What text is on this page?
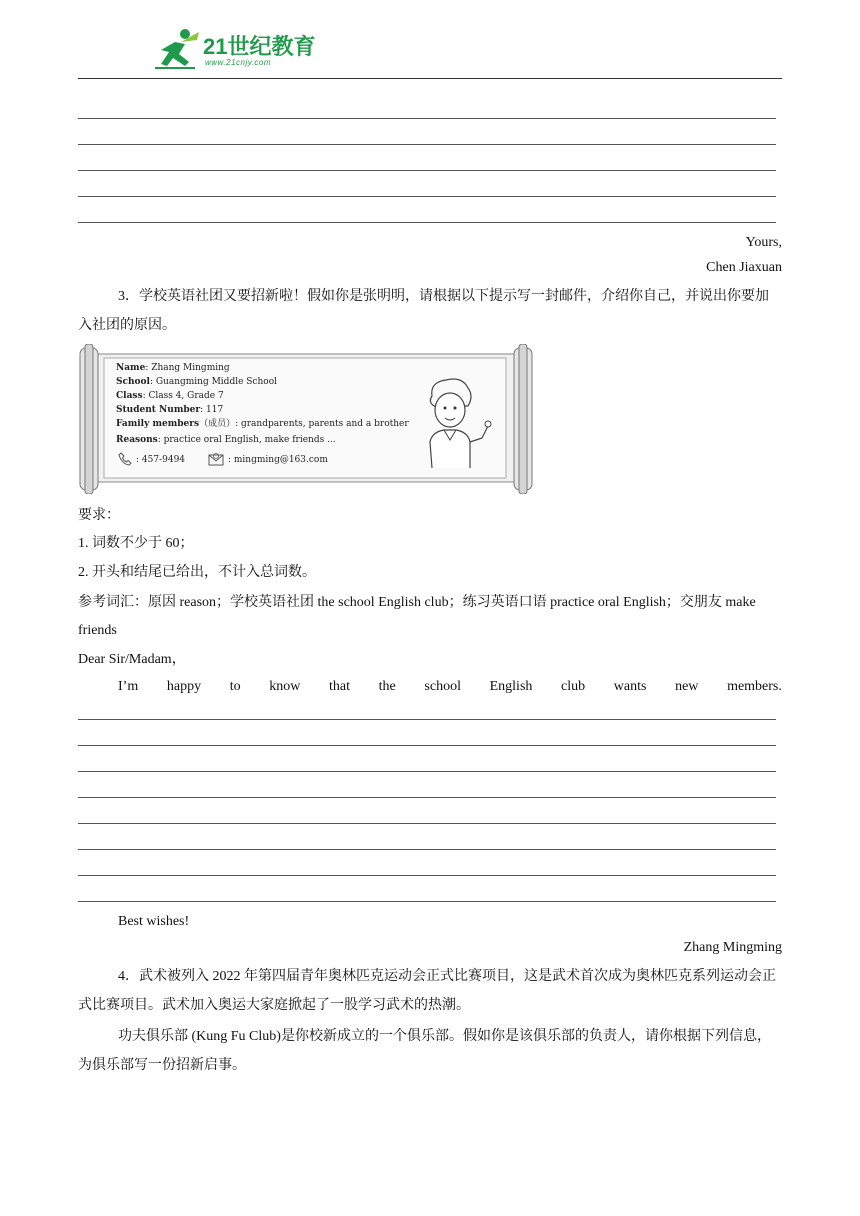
21世纪教育
www.21cnjy.com
Yours,
Chen Jiaxuan
3．学校英语社团又要招新啦！假如你是张明明，请根据以下提示写一封邮件，介绍你自己，并说出你要加入社团的原因。
Name: Zhang Mingming
School: Guangming Middle School
Class: Class 4, Grade 7
Student Number: 117
Family members（成员）: grandparents, parents and a brother
Reasons: practice oral English, make friends ...
: 457-9494	: mingming@163.com
要求：
1. 词数不少于 60；
2. 开头和结尾已给出，不计入总词数。
参考词汇：原因 reason；学校英语社团 the school English club；练习英语口语 practice oral English；交朋友 make friends
Dear Sir/Madam，
I’m happy to know that the school English club wants new members.
Best wishes!
Zhang Mingming
4．武术被列入 2022 年第四届青年奥林匹克运动会正式比赛项目，这是武术首次成为奥林匹克系列运动会正式比赛项目。武术加入奥运大家庭掀起了一股学习武术的热潮。
功夫俱乐部 (Kung Fu Club)是你校新成立的一个俱乐部。假如你是该俱乐部的负责人，请你根据下列信息，为俱乐部写一份招新启事。
